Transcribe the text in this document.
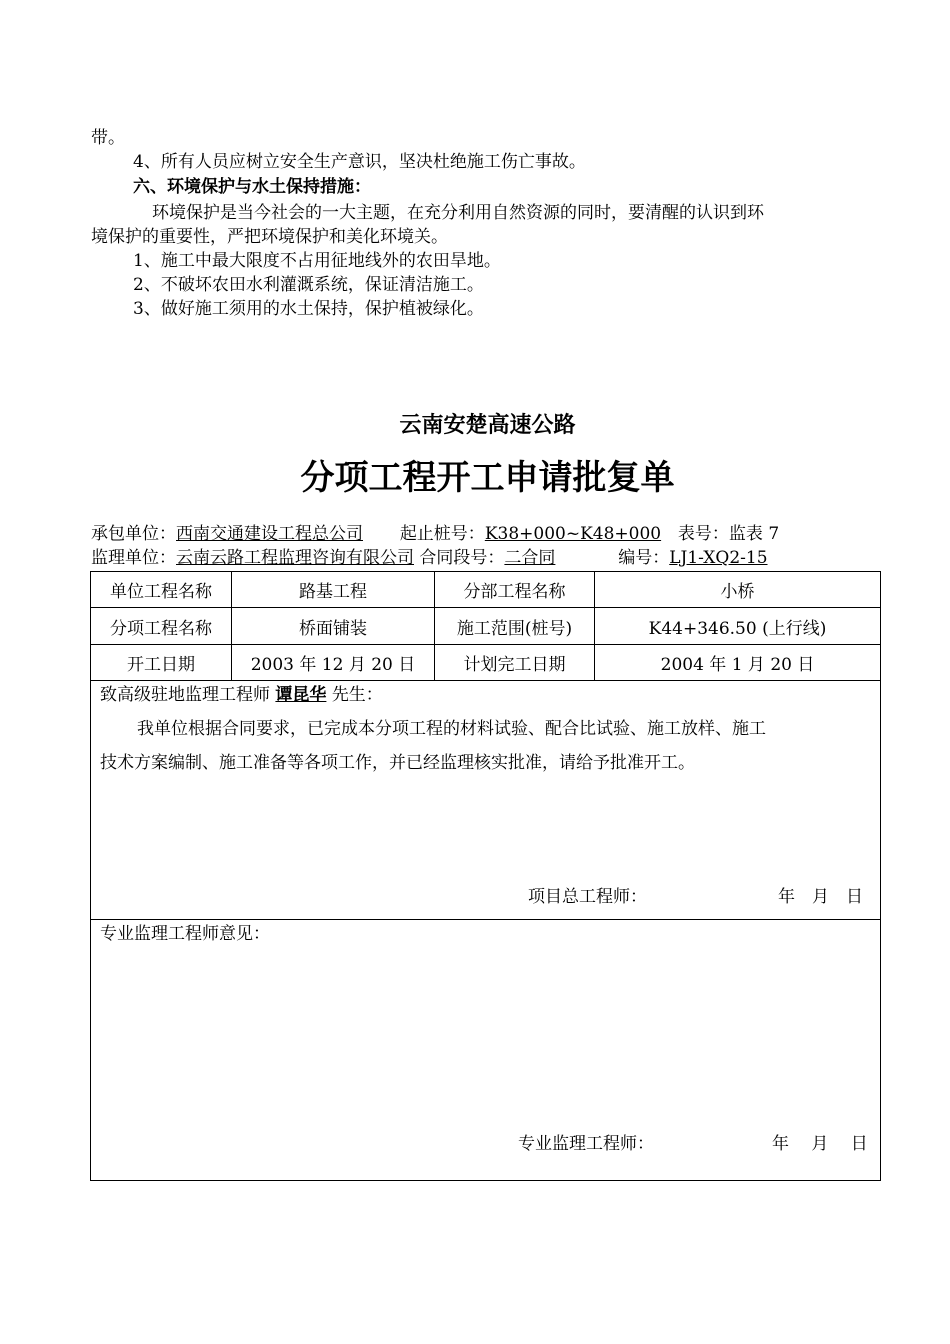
带。
4、所有人员应树立安全生产意识，坚决杜绝施工伤亡事故。
六、环境保护与水土保持措施：
环境保护是当今社会的一大主题，在充分利用自然资源的同时，要清醒的认识到环
境保护的重要性，严把环境保护和美化环境关。
1、施工中最大限度不占用征地线外的农田旱地。
2、不破坏农田水利灌溉系统，保证清洁施工。
3、做好施工须用的水土保持，保护植被绿化。
云南安楚高速公路
分项工程开工申请批复单
承包单位：西南交通建设工程总公司 起止桩号：K38+000~K48+000 表号：监表 7
监理单位：云南云路工程监理咨询有限公司 合同段号：二合同	编号：LJ1-XQ2-15
单位工程名称	路基工程	分部工程名称	小桥
分项工程名称	桥面铺装	施工范围(桩号)	K44+346.50 (上行线)
开工日期	2003 年 12 月 20 日	计划完工日期	2004 年 1 月 20 日
致高级驻地监理工程师 谭昆华 先生：
我单位根据合同要求，已完成本分项工程的材料试验、配合比试验、施工放样、施工
技术方案编制、施工准备等各项工作，并已经监理核实批准，请给予批准开工。
项目总工程师：	年　月　日
专业监理工程师意见：
专业监理工程师：	年　 月　 日
